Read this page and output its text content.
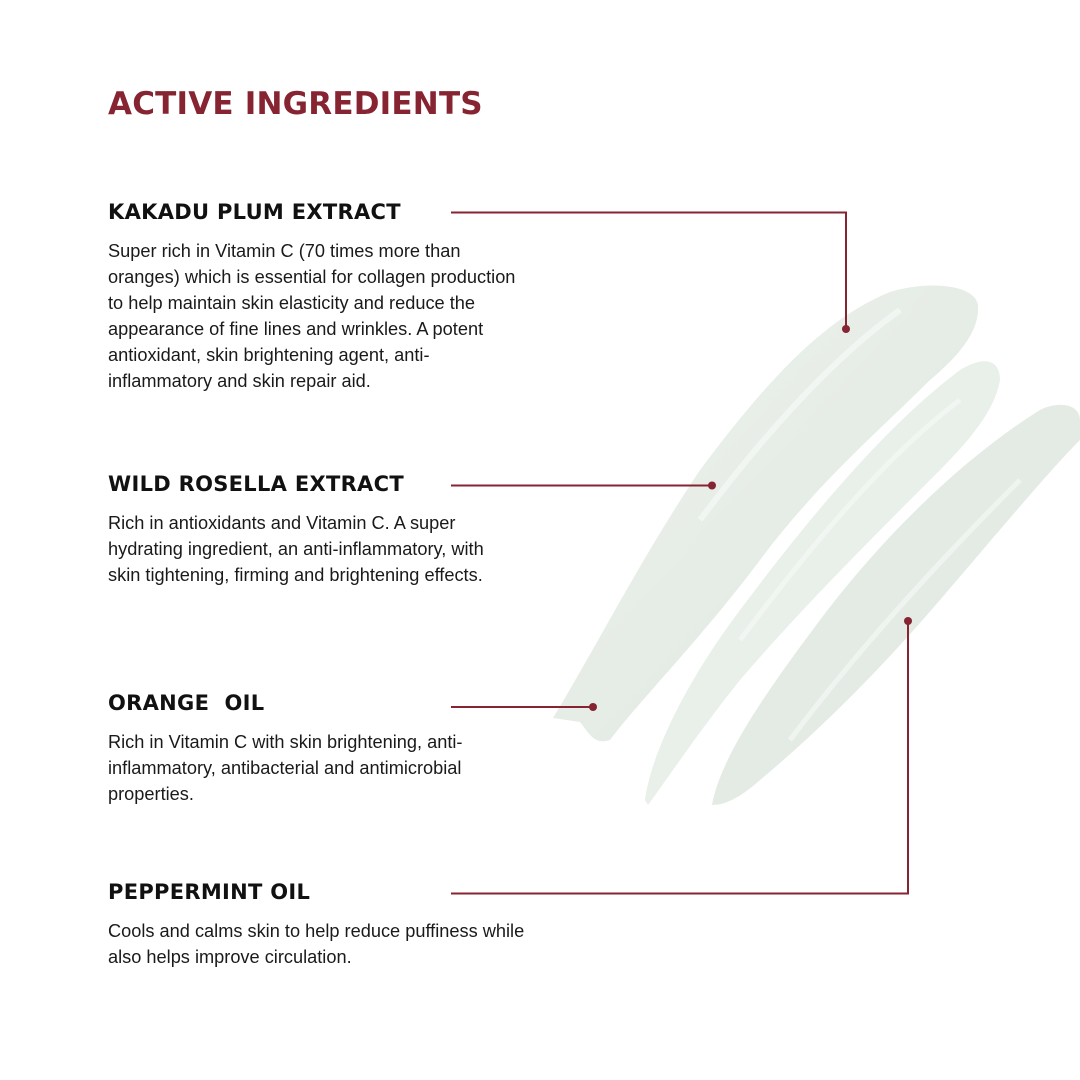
ACTIVE INGREDIENTS
KAKADU PLUM EXTRACT

Super rich in Vitamin C (70 times more than oranges) which is essential for collagen production to help maintain skin elasticity and reduce the appearance of fine lines and wrinkles. A potent antioxidant, skin brightening agent, anti-inflammatory and skin repair aid.

WILD ROSELLA EXTRACT

Rich in antioxidants and Vitamin C. A super hydrating ingredient, an anti-inflammatory, with skin tightening, firming and brightening effects.

ORANGE  OIL

Rich in Vitamin C with skin brightening, anti-inflammatory, antibacterial and antimicrobial properties.

PEPPERMINT OIL

Cools and calms skin to help reduce puffiness while also helps improve circulation.
